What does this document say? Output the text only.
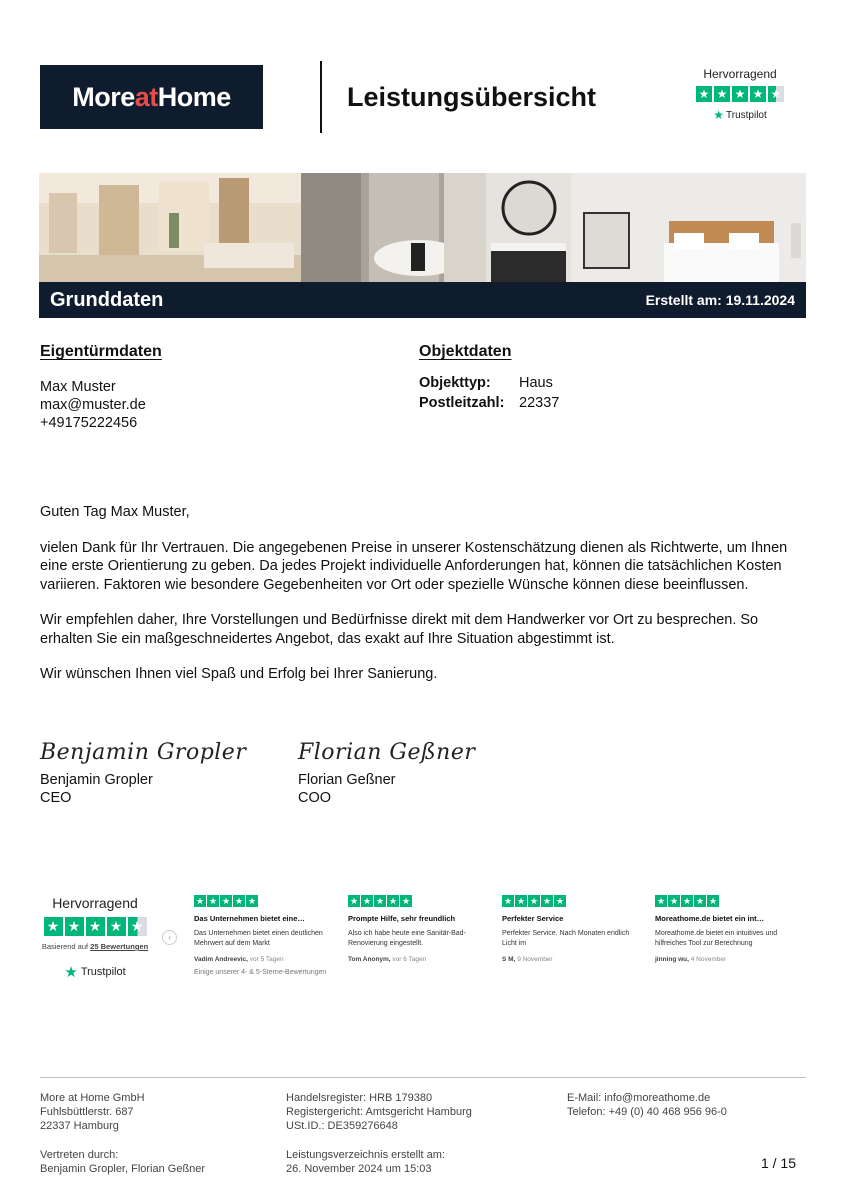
MoreatHome	Leistungsübersicht
Hervorragend
★ ★ ★ ★ ★
★ Trustpilot
Grunddaten	Erstellt am: 19.11.2024
Eigentürmdaten
Max Muster
max@muster.de
+49175222456
Objektdaten
Objekttyp:	Haus
Postleitzahl:	22337

Guten Tag Max Muster,

vielen Dank für Ihr Vertrauen. Die angegebenen Preise in unserer Kostenschätzung dienen als Richtwerte, um Ihnen eine erste Orientierung zu geben. Da jedes Projekt individuelle Anforderungen hat, können die tatsächlichen Kosten variieren. Faktoren wie besondere Gegebenheiten vor Ort oder spezielle Wünsche können diese beeinflussen.

Wir empfehlen daher, Ihre Vorstellungen und Bedürfnisse direkt mit dem Handwerker vor Ort zu besprechen. So erhalten Sie ein maßgeschneidertes Angebot, das exakt auf Ihre Situation abgestimmt ist.

Wir wünschen Ihnen viel Spaß und Erfolg bei Ihrer Sanierung.

Benjamin Gropler
Benjamin Gropler
CEO
Florian Geßner
Florian Geßner
COO
Hervorragend
★ ★ ★ ★ ★
Basierend auf 25 Bewertungen
★ Trustpilot
‹
★ ★ ★ ★ ★
Das Unternehmen bietet eine…
Das Unternehmen bietet einen deutlichen Mehrwert auf dem Markt
Vadim Andreevic, vor 5 Tagen
★ ★ ★ ★ ★
Prompte Hilfe, sehr freundlich
Also ich habe heute eine Sanitär-Bad-Renovierung eingestellt.
Tom Anonym, vor 6 Tagen
★ ★ ★ ★ ★
Perfekter Service
Perfekter Service. Nach Monaten endlich Licht im
S M, 9 November
★ ★ ★ ★ ★
Moreathome.de bietet ein int…
Moreathome.de bietet ein intuitives und hilfreiches Tool zur Berechnung
jinning wu, 4 November
Einige unserer 4- & 5-Sterne-Bewertungen
More at Home GmbH
Fuhlsbüttlerstr. 687
22337 Hamburg
Handelsregister: HRB 179380
Registergericht: Amtsgericht Hamburg
USt.ID.: DE359276648
E-Mail: info@moreathome.de
Telefon: +49 (0) 40 468 956 96-0
Vertreten durch:
Benjamin Gropler, Florian Geßner
Leistungsverzeichnis erstellt am:
26. November 2024 um 15:03	1 / 15
